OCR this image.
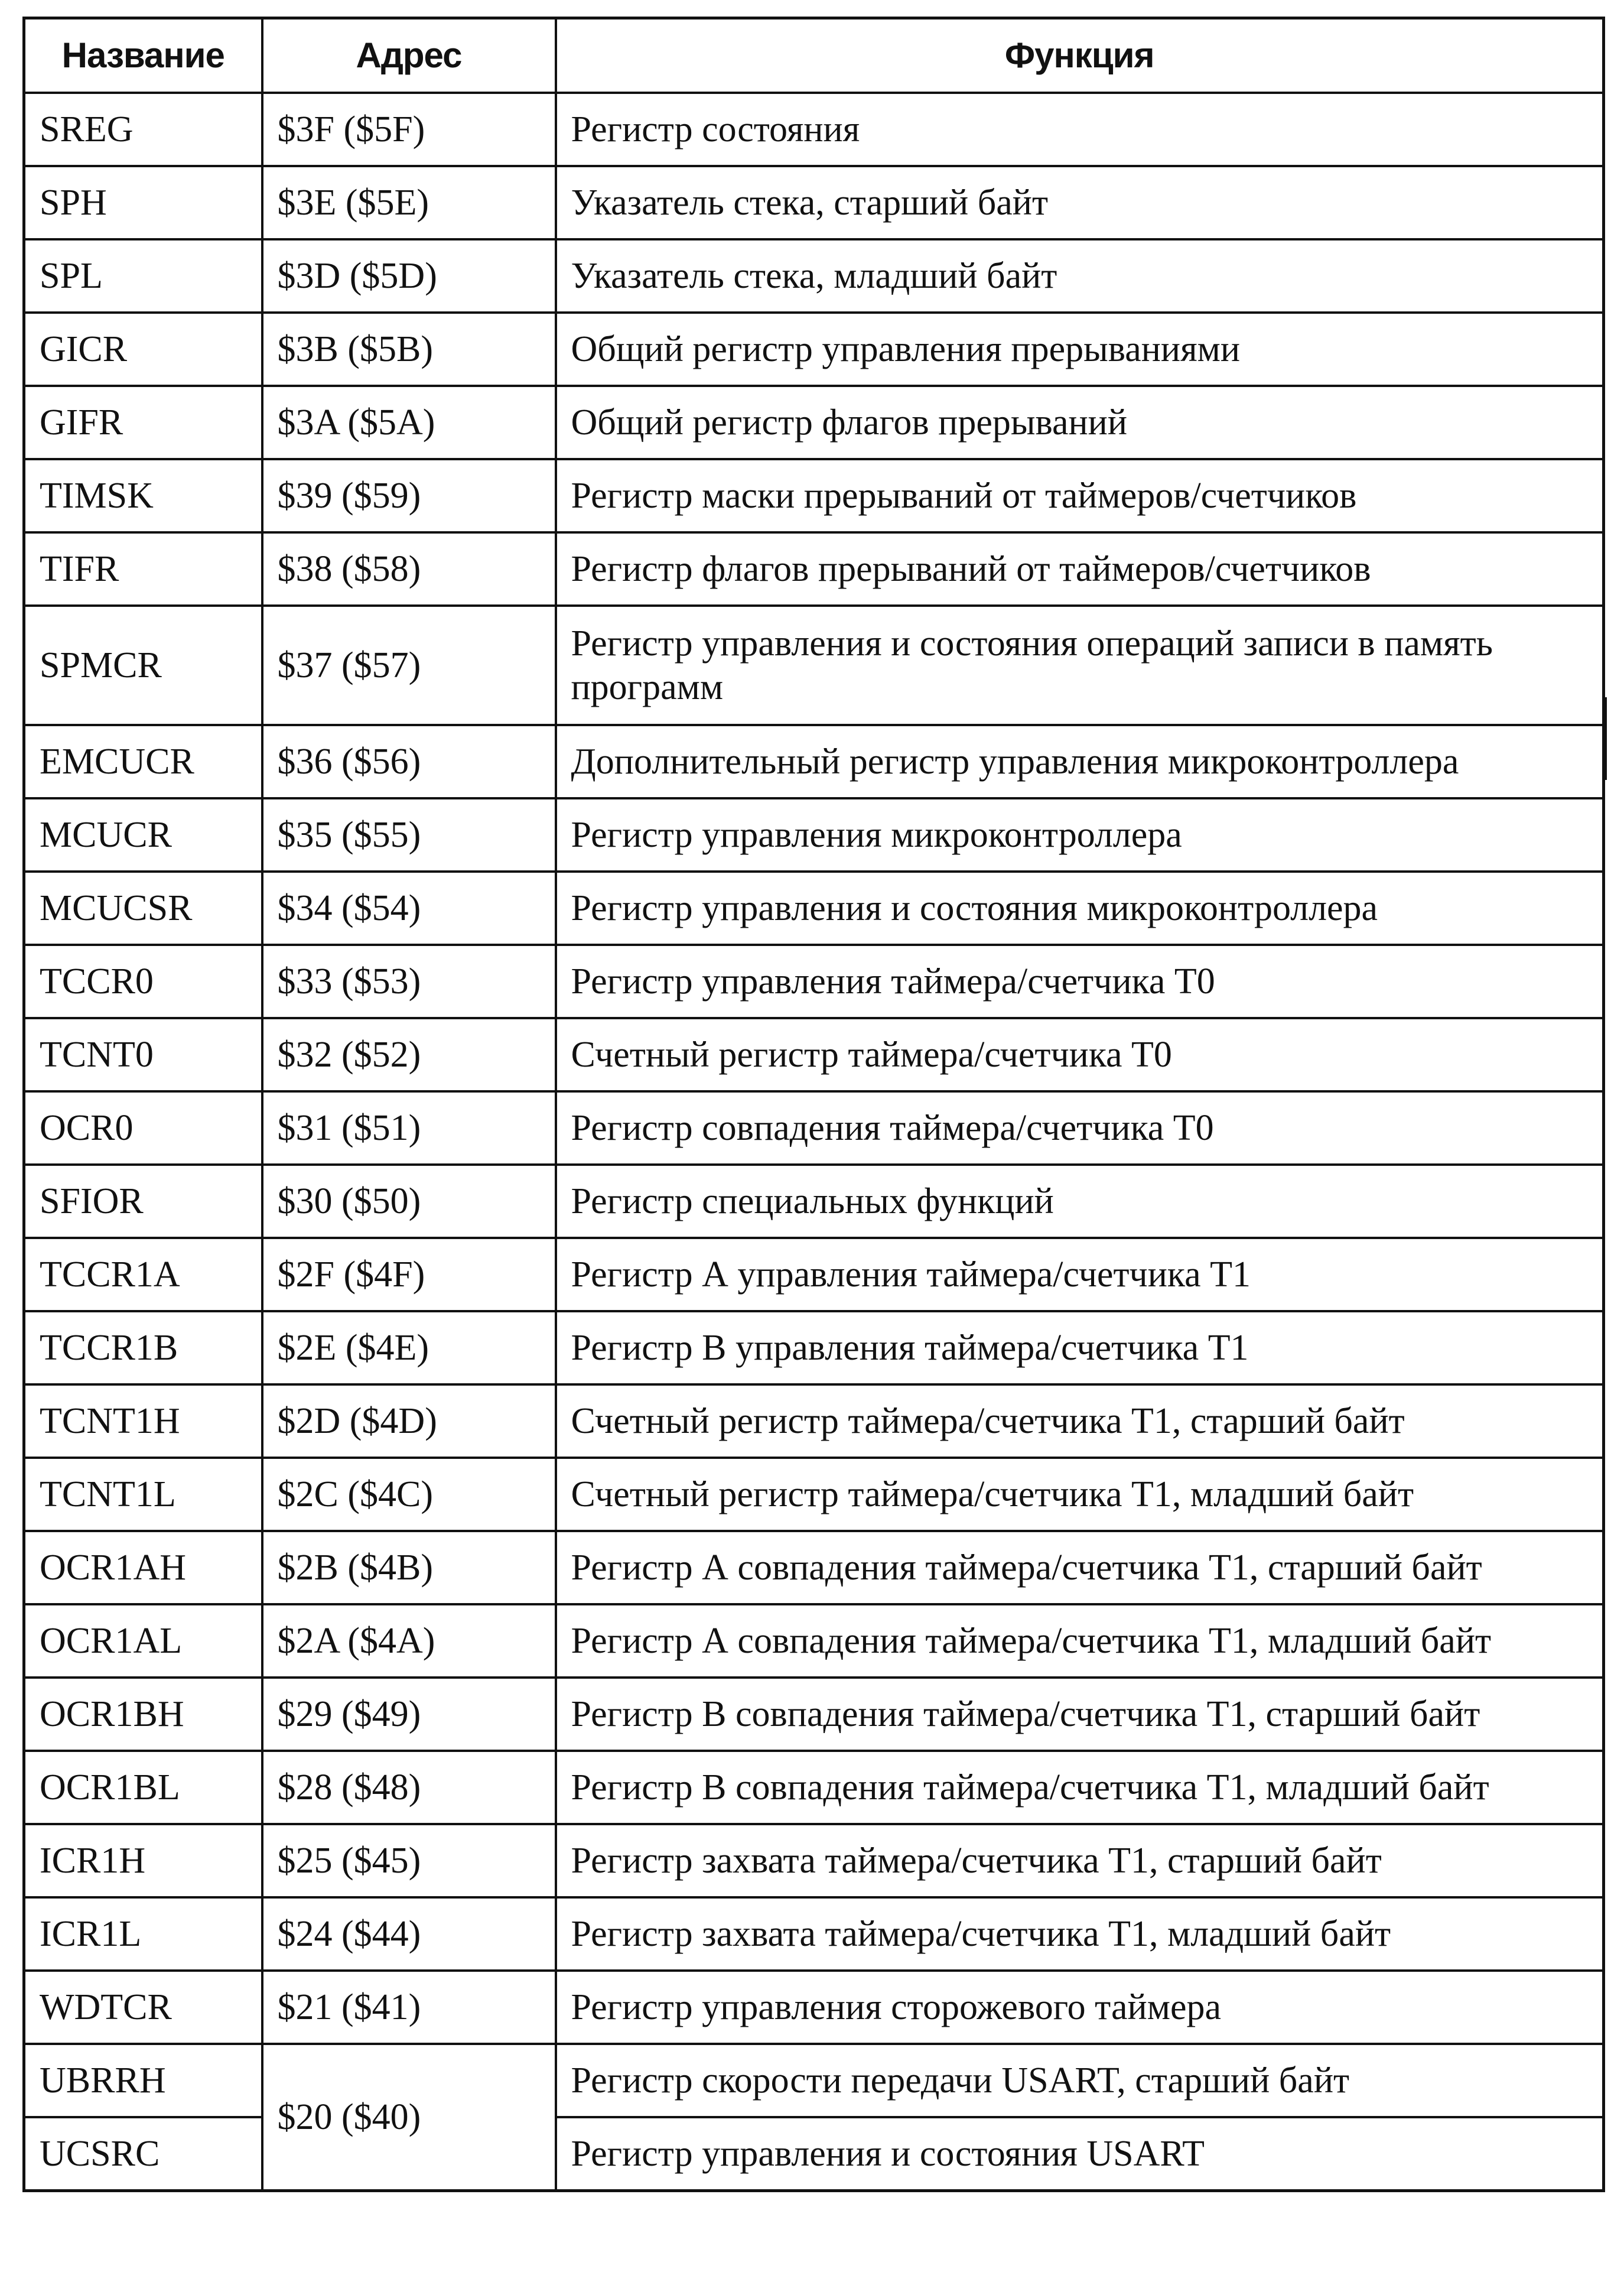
Название	Адрес	Функция
SREG	$3F ($5F)	Регистр состояния
SPH	$3E ($5E)	Указатель стека, старший байт
SPL	$3D ($5D)	Указатель стека, младший байт
GICR	$3B ($5B)	Общий регистр управления прерываниями
GIFR	$3A ($5A)	Общий регистр флагов прерываний
TIMSK	$39 ($59)	Регистр маски прерываний от таймеров/счетчиков
TIFR	$38 ($58)	Регистр флагов прерываний от таймеров/счетчиков
SPMCR	$37 ($57)	Регистр управления и состояния операций записи в память программ
EMCUCR	$36 ($56)	Дополнительный регистр управления микроконтроллера
MCUCR	$35 ($55)	Регистр управления микроконтроллера
MCUCSR	$34 ($54)	Регистр управления и состояния микроконтроллера
TCCR0	$33 ($53)	Регистр управления таймера/счетчика T0
TCNT0	$32 ($52)	Счетный регистр таймера/счетчика T0
OCR0	$31 ($51)	Регистр совпадения таймера/счетчика T0
SFIOR	$30 ($50)	Регистр специальных функций
TCCR1A	$2F ($4F)	Регистр А управления таймера/счетчика T1
TCCR1B	$2E ($4E)	Регистр В управления таймера/счетчика T1
TCNT1H	$2D ($4D)	Счетный регистр таймера/счетчика T1, старший байт
TCNT1L	$2C ($4C)	Счетный регистр таймера/счетчика T1, младший байт
OCR1AH	$2B ($4B)	Регистр А совпадения таймера/счетчика T1, старший байт
OCR1AL	$2A ($4A)	Регистр А совпадения таймера/счетчика T1, младший байт
OCR1BH	$29 ($49)	Регистр В совпадения таймера/счетчика T1, старший байт
OCR1BL	$28 ($48)	Регистр В совпадения таймера/счетчика T1, младший байт
ICR1H	$25 ($45)	Регистр захвата таймера/счетчика T1, старший байт
ICR1L	$24 ($44)	Регистр захвата таймера/счетчика T1, младший байт
WDTCR	$21 ($41)	Регистр управления сторожевого таймера
UBRRH	$20 ($40)	Регистр скорости передачи USART, старший байт
UCSRC		Регистр управления и состояния USART
